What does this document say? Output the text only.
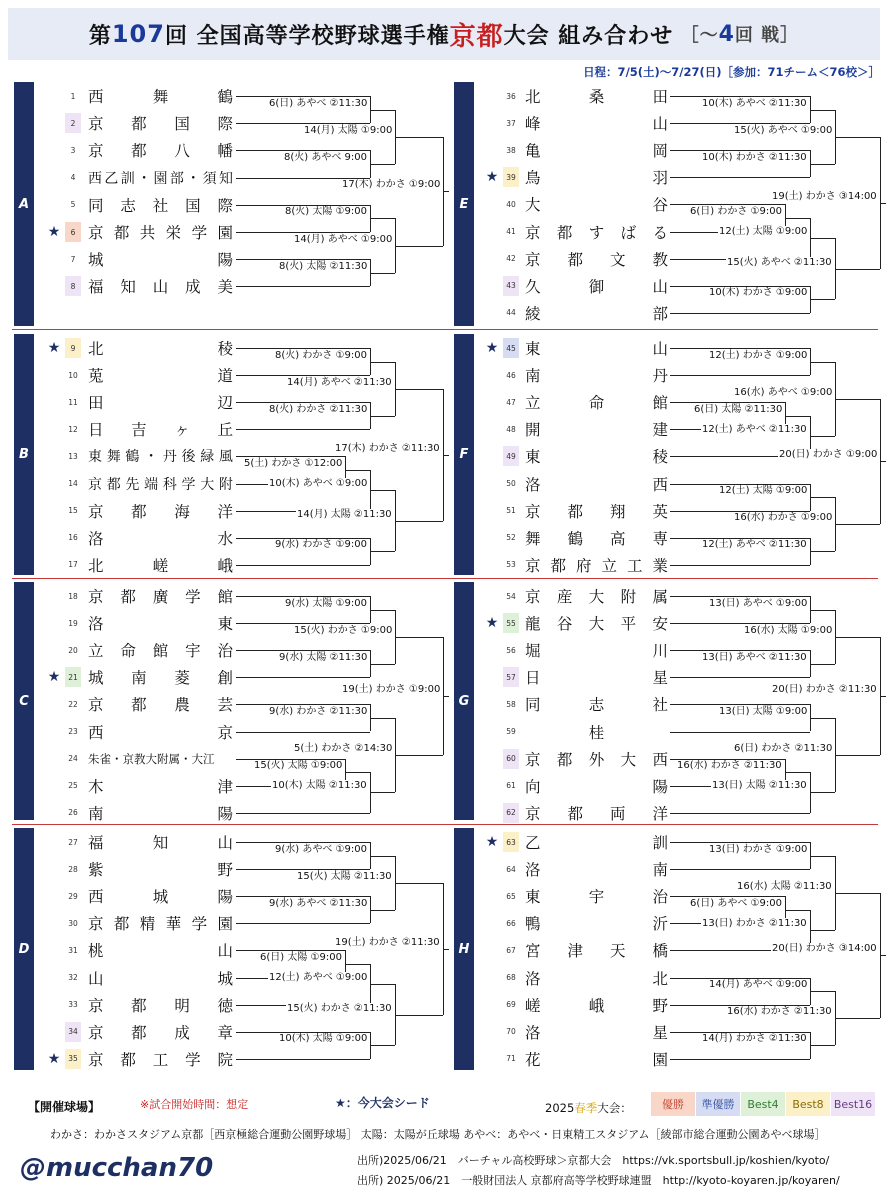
第 107 回 全国高等学校野球選手権 京都 大会 組み合わせ ［～4回 戦］
日程：7/5(土)～7/27(日)［参加：71チーム＜76校＞］
A
1 西	舞	鶴
2 京 都 国 際
3 京 都 八 幡
4 西 乙 訓 ・ 園 部 ・ 須 知
5 同 志 社 国 際
★	6 京 都 共 栄 学 園
7 城	陽
8 福 知 山 成 美
6(日) あやべ ②11:30
8(火) あやべ 9:00
14(月) 太陽 ①9:00
8(火) 太陽 ①9:00
8(火) 太陽 ②11:30
14(月) あやべ ①9:00
17(木) わかさ ①9:00
B
★	9 北	稜
10 莵	道
11 田	辺
12 日 吉 ヶ 丘
13 東 舞 鶴 ・ 丹 後 緑 風
14 京 都 先 端 科 学 大 附
15 京 都 海 洋
16 洛	水
17 北	嵯	峨
8(火) わかさ ①9:00
14(月) あやべ ②11:30
8(火) わかさ ②11:30
17(木) わかさ ②11:30
10(木) あやべ ①9:00
5(土) わかさ ①12:00
14(月) 太陽 ②11:30
9(水) わかさ ①9:00
C
18 京 都 廣 学 館
19 洛	東
20 立 命 館 宇 治
★	21 城 南 菱 創
22 京 都 農 芸
23 西	京
24 朱雀・京教大附属・大江
25 木	津
26 南	陽
9(水) 太陽 ①9:00
15(火) わかさ ①9:00
9(水) 太陽 ②11:30
19(土) わかさ ①9:00
9(水) わかさ ②11:30
15(火) 太陽 ①9:00
5(土) わかさ ②14:30
10(木) 太陽 ②11:30
D
27 福	知	山
28 紫	野
29 西	城	陽
30 京 都 精 華 学 園
31 桃	山
32 山	城
33 京 都 明 徳
34 京 都 成 章
★	35 京 都 工 学 院
9(水) あやべ ①9:00
15(火) 太陽 ②11:30
9(水) あやべ ②11:30
19(土) わかさ ②11:30
12(土) あやべ ①9:00
6(日) 太陽 ①9:00
15(火) わかさ ②11:30
10(木) 太陽 ①9:00
E
36 北	桑	田
37 峰	山
38 亀	岡
★	39 鳥	羽
40 大	谷
41 京 都 す ば る
42 京 都 文 教
43 久	御	山
44 綾	部
10(木) あやべ ②11:30
15(火) あやべ ①9:00
10(木) わかさ ②11:30
19(土) わかさ ③14:00
12(土) 太陽 ①9:00
6(日) わかさ ①9:00
15(火) あやべ ②11:30
10(木) わかさ ①9:00
F
★	45 東	山
46 南	丹
47 立	命	館
48 開	建
49 東	稜
50 洛	西
51 京 都 翔 英
52 舞 鶴 高 専
53 京 都 府 立 工 業
12(土) わかさ ①9:00
16(水) あやべ ①9:00
6(日) 太陽 ②11:30
12(土) あやべ ②11:30
20(日) わかさ ①9:00
12(土) 太陽 ①9:00
16(水) わかさ ①9:00
12(土) あやべ ②11:30
G
54 京 産 大 附 属
★	55 龍 谷 大 平 安
56 堀	川
57 日	星
58 同	志	社
59	桂
60 京 都 外 大 西
61 向	陽
62 京 都 両 洋
13(日) あやべ ①9:00
16(水) 太陽 ①9:00
13(日) あやべ ②11:30
20(日) わかさ ②11:30
13(日) 太陽 ①9:00
16(水) わかさ ②11:30
6(日) わかさ ②11:30
13(日) 太陽 ②11:30
H
★	63 乙	訓
64 洛	南
65 東	宇	治
66 鴨	沂
67 宮 津 天 橋
68 洛	北
69 嵯	峨	野
70 洛	星
71 花	園
13(日) わかさ ①9:00
16(水) 太陽 ②11:30
6(日) あやべ ①9:00
13(日) わかさ ②11:30
20(日) わかさ ③14:00
14(月) あやべ ①9:00
16(水) わかさ ②11:30
14(月) わかさ ②11:30
【開催球場】	※試合開始時間：想定	★：今大会シード	2025春季大会：	優勝	準優勝	Best4	Best8 Best16
わかさ：わかさスタジアム京都［西京極総合運動公園野球場］ 太陽：太陽が丘球場 あやべ：あやべ・日東精工スタジアム［綾部市総合運動公園あやべ球場］
出所)2025/06/21　バーチャル高校野球＞京都大会　https://vk.sportsbull.jp/koshien/kyoto/
出所) 2025/06/21　一般財団法人 京都府高等学校野球連盟　http://kyoto-koyaren.jp/koyaren/
@mucchan70
